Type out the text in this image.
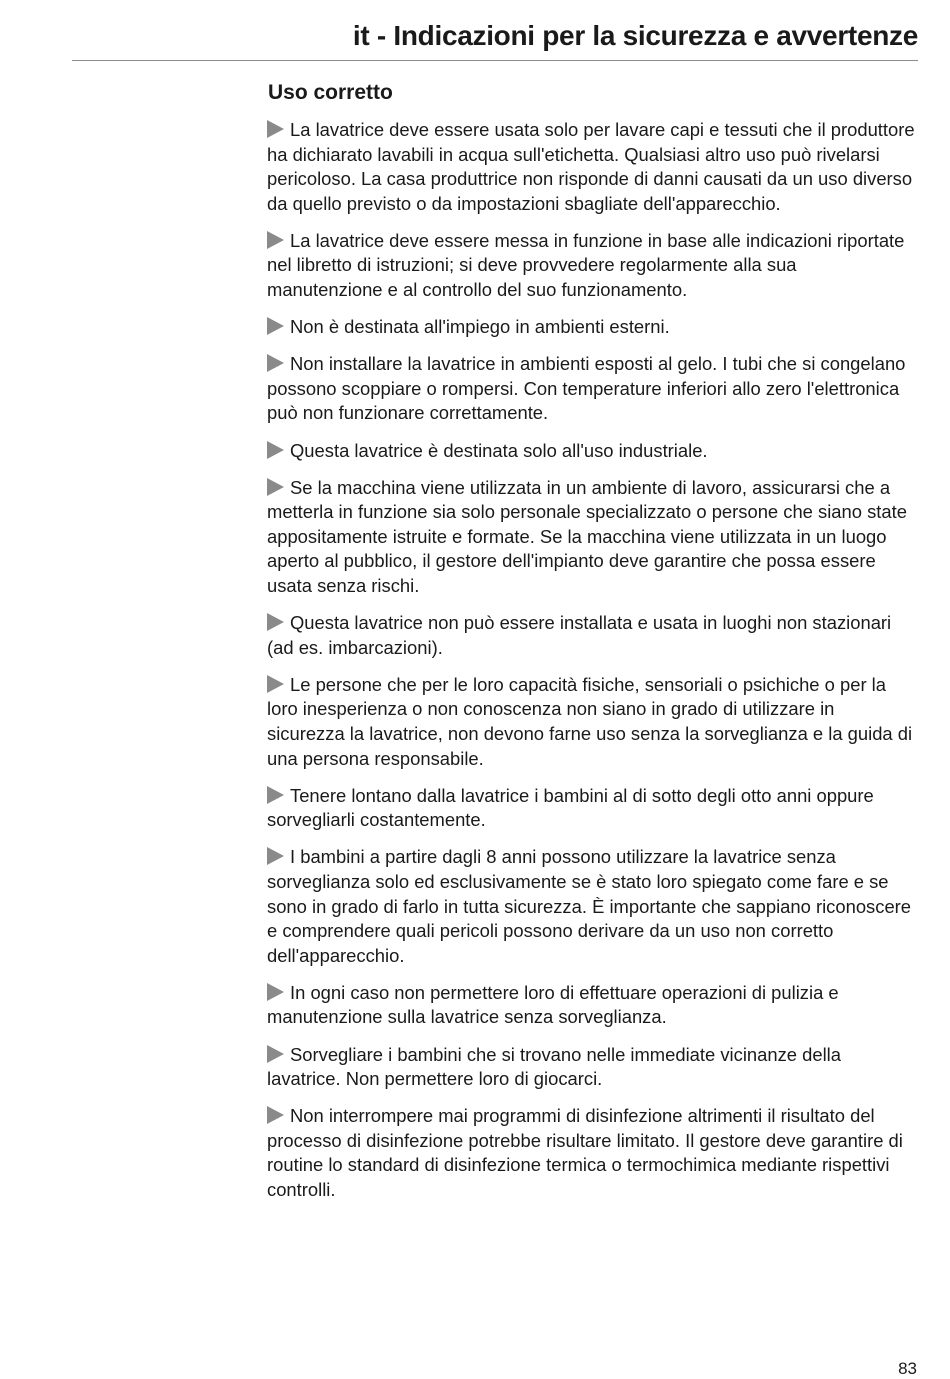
it - Indicazioni per la sicurezza e avvertenze
Uso corretto
La lavatrice deve essere usata solo per lavare capi e tessuti che il produttore ha dichiarato lavabili in acqua sull'etichetta. Qualsiasi altro uso può rivelarsi pericoloso. La casa produttrice non risponde di danni causati da un uso diverso da quello previsto o da impostazioni sbagliate dell'apparecchio.
La lavatrice deve essere messa in funzione in base alle indicazioni riportate nel libretto di istruzioni; si deve provvedere regolarmente alla sua manutenzione e al controllo del suo funzionamento.
Non è destinata all'impiego in ambienti esterni.
Non installare la lavatrice in ambienti esposti al gelo. I tubi che si congelano possono scoppiare o rompersi. Con temperature inferiori allo zero l'elettronica può non funzionare correttamente.
Questa lavatrice è destinata solo all'uso industriale.
Se la macchina viene utilizzata in un ambiente di lavoro, assicurarsi che a metterla in funzione sia solo personale specializzato o persone che siano state appositamente istruite e formate. Se la macchina viene utilizzata in un luogo aperto al pubblico, il gestore dell'impianto deve garantire che possa essere usata senza rischi.
Questa lavatrice non può essere installata e usata in luoghi non stazionari (ad es. imbarcazioni).
Le persone che per le loro capacità fisiche, sensoriali o psichiche o per la loro inesperienza o non conoscenza non siano in grado di utilizzare in sicurezza la lavatrice, non devono farne uso senza la sorveglianza e la guida di una persona responsabile.
Tenere lontano dalla lavatrice i bambini al di sotto degli otto anni oppure sorvegliarli costantemente.
I bambini a partire dagli 8 anni possono utilizzare la lavatrice senza sorveglianza solo ed esclusivamente se è stato loro spiegato come fare e se sono in grado di farlo in tutta sicurezza. È importante che sappiano riconoscere e comprendere quali pericoli possono derivare da un uso non corretto dell'apparecchio.
In ogni caso non permettere loro di effettuare operazioni di pulizia e manutenzione sulla lavatrice senza sorveglianza.
Sorvegliare i bambini che si trovano nelle immediate vicinanze della lavatrice. Non permettere loro di giocarci.
Non interrompere mai programmi di disinfezione altrimenti il risultato del processo di disinfezione potrebbe risultare limitato. Il gestore deve garantire di routine lo standard di disinfezione termica o termochimica mediante rispettivi controlli.
83
